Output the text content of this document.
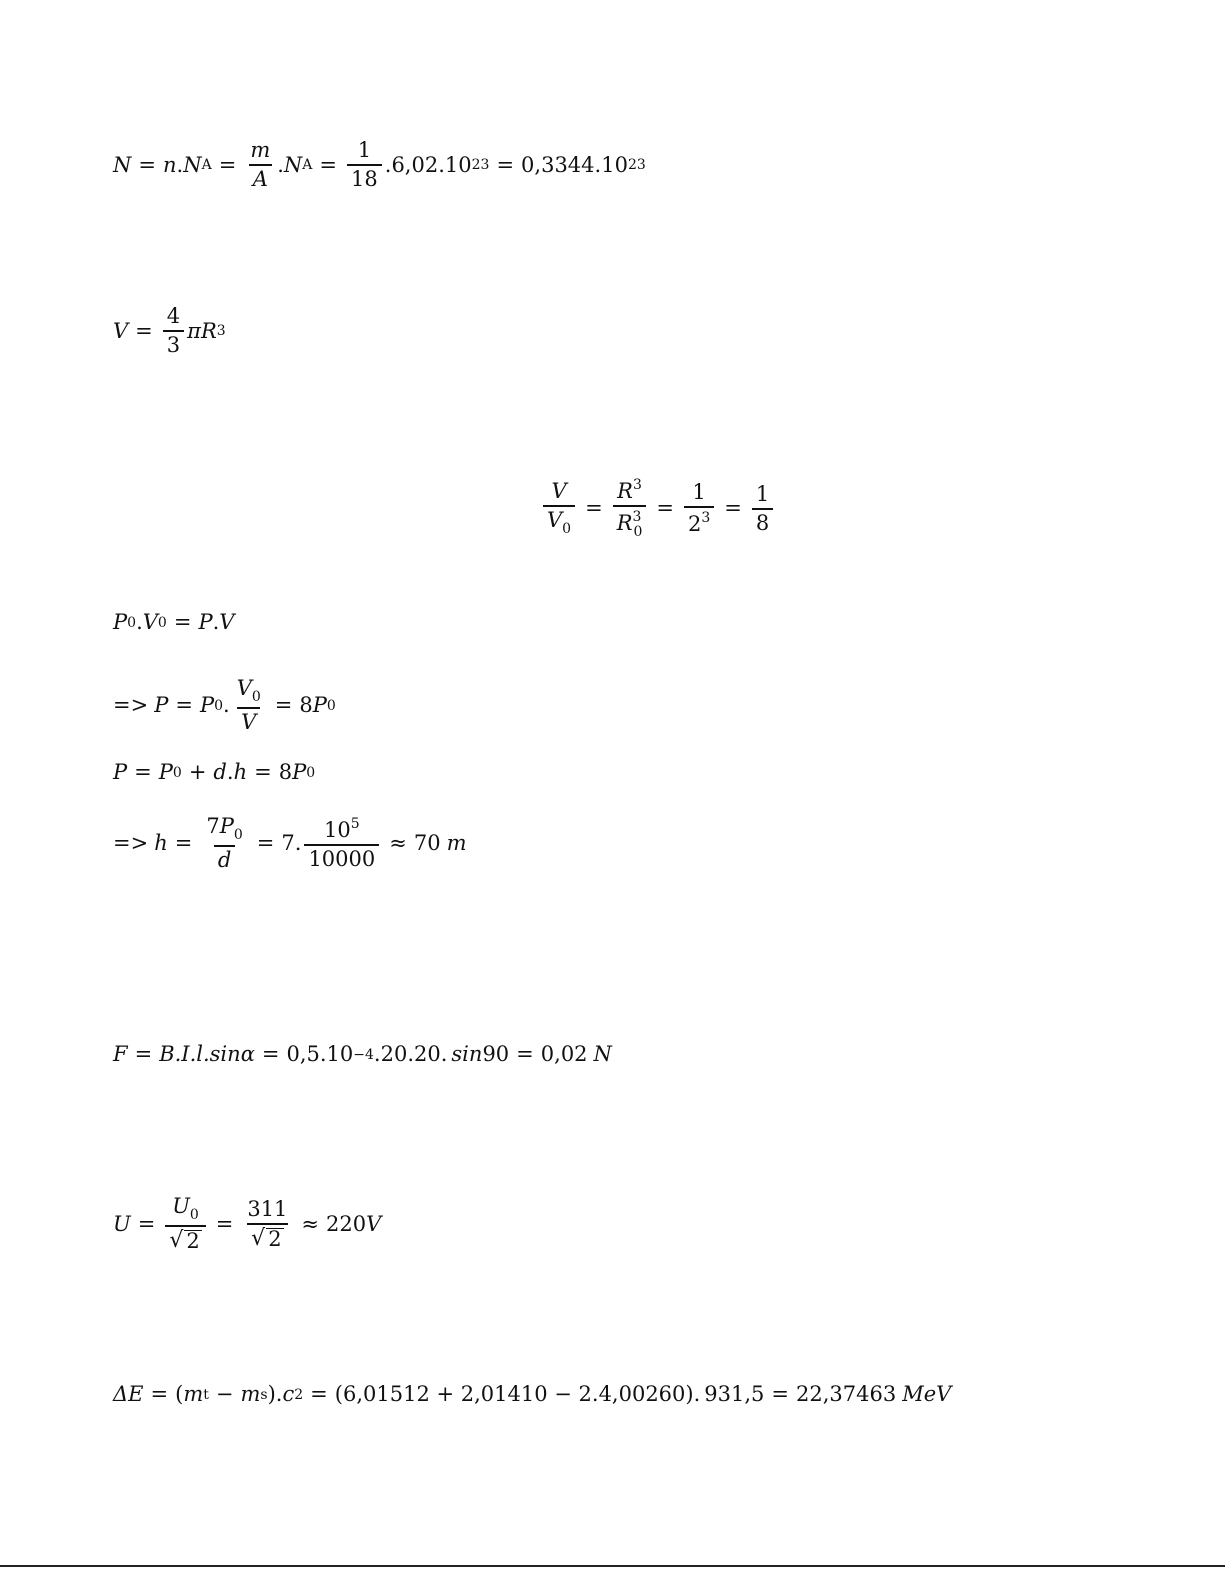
N = n . N $A = \frac{m}{A}$ . N $A = \frac{1}{18} .6,02.10$ 23 = 0,3344.10 23
$V = \frac{4}{3}$ πR 3
$\frac{V}{V_0} = \frac{R^3}{R^3_0} = \frac{1}{2^3} = \frac{1}{8}$
P 0 . V 0 = P . V
=> P = P 0 . $\frac{V_0}{V} = 8$ P 0
P = P 0 + d . h = 8 P 0
=> $h = \frac{7P_0}{d} = 7$. $\frac{10^5}{10000} \approx 70$ m
F = B.I.l.sin α = 0,5.10 −4 .20.20. sin 90 = 0,02 N
$U = \frac{U_0}{√ 2} = \frac{311}{√ 2} \approx 220$ V
ΔE = ( m t − m s ). c 2 = (6,01512 + 2,01410 − 2.4,00260). 931,5 = 22,37463 MeV
